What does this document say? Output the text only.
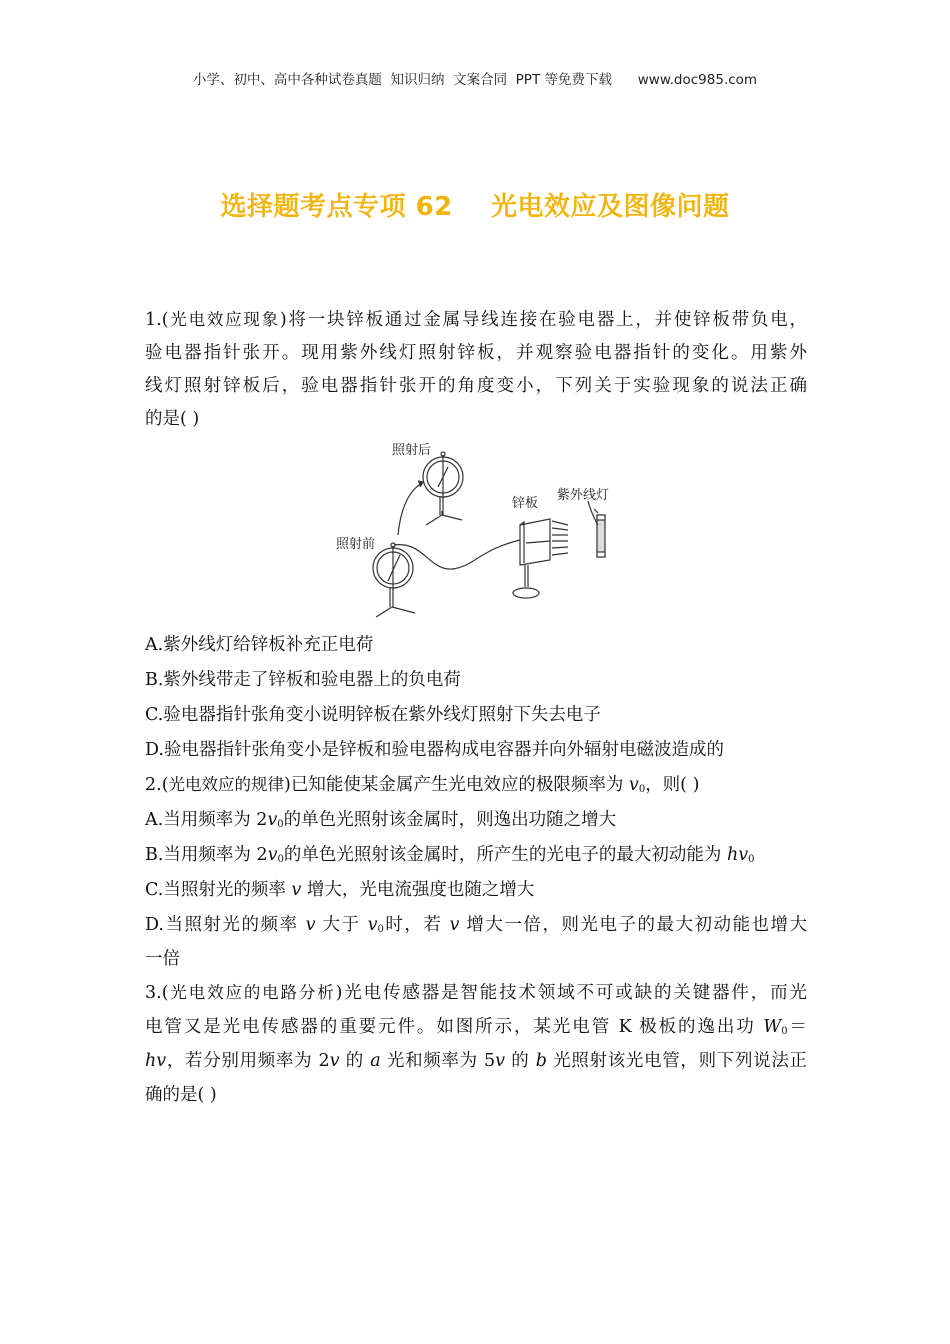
小学、初中、高中各种试卷真题  知识归纳  文案合同  PPT 等免费下载 www.doc985.com
选择题考点专项 62    光电效应及图像问题
1.(光电效应现象)将一块锌板通过金属导线连接在验电器上，并使锌板带负电，
验电器指针张开。现用紫外线灯照射锌板，并观察验电器指针的变化。用紫外
线灯照射锌板后，验电器指针张开的角度变小，下列关于实验现象的说法正确
的是( )
照射后
照射前
锌板
紫外线灯
A.紫外线灯给锌板补充正电荷
B.紫外线带走了锌板和验电器上的负电荷
C.验电器指针张角变小说明锌板在紫外线灯照射下失去电子
D.验电器指针张角变小是锌板和验电器构成电容器并向外辐射电磁波造成的
2.(光电效应的规律)已知能使某金属产生光电效应的极限频率为 $v_0$，则( )
A.当用频率为 $2v_0$的单色光照射该金属时，则逸出功随之增大
B.当用频率为 $2v_0$的单色光照射该金属时，所产生的光电子的最大初动能为 $hv_0$
C.当照射光的频率 v 增大，光电流强度也随之增大
D.当照射光的频率 v 大于 $v_0$时，若 v 增大一倍，则光电子的最大初动能也增大
一倍
3.(光电效应的电路分析)光电传感器是智能技术领域不可或缺的关键器件，而光
电管又是光电传感器的重要元件。如图所示，某光电管 K 极板的逸出功 $W_0=$
hv，若分别用频率为 2v 的 a 光和频率为 5v 的 b 光照射该光电管，则下列说法正
确的是( )
